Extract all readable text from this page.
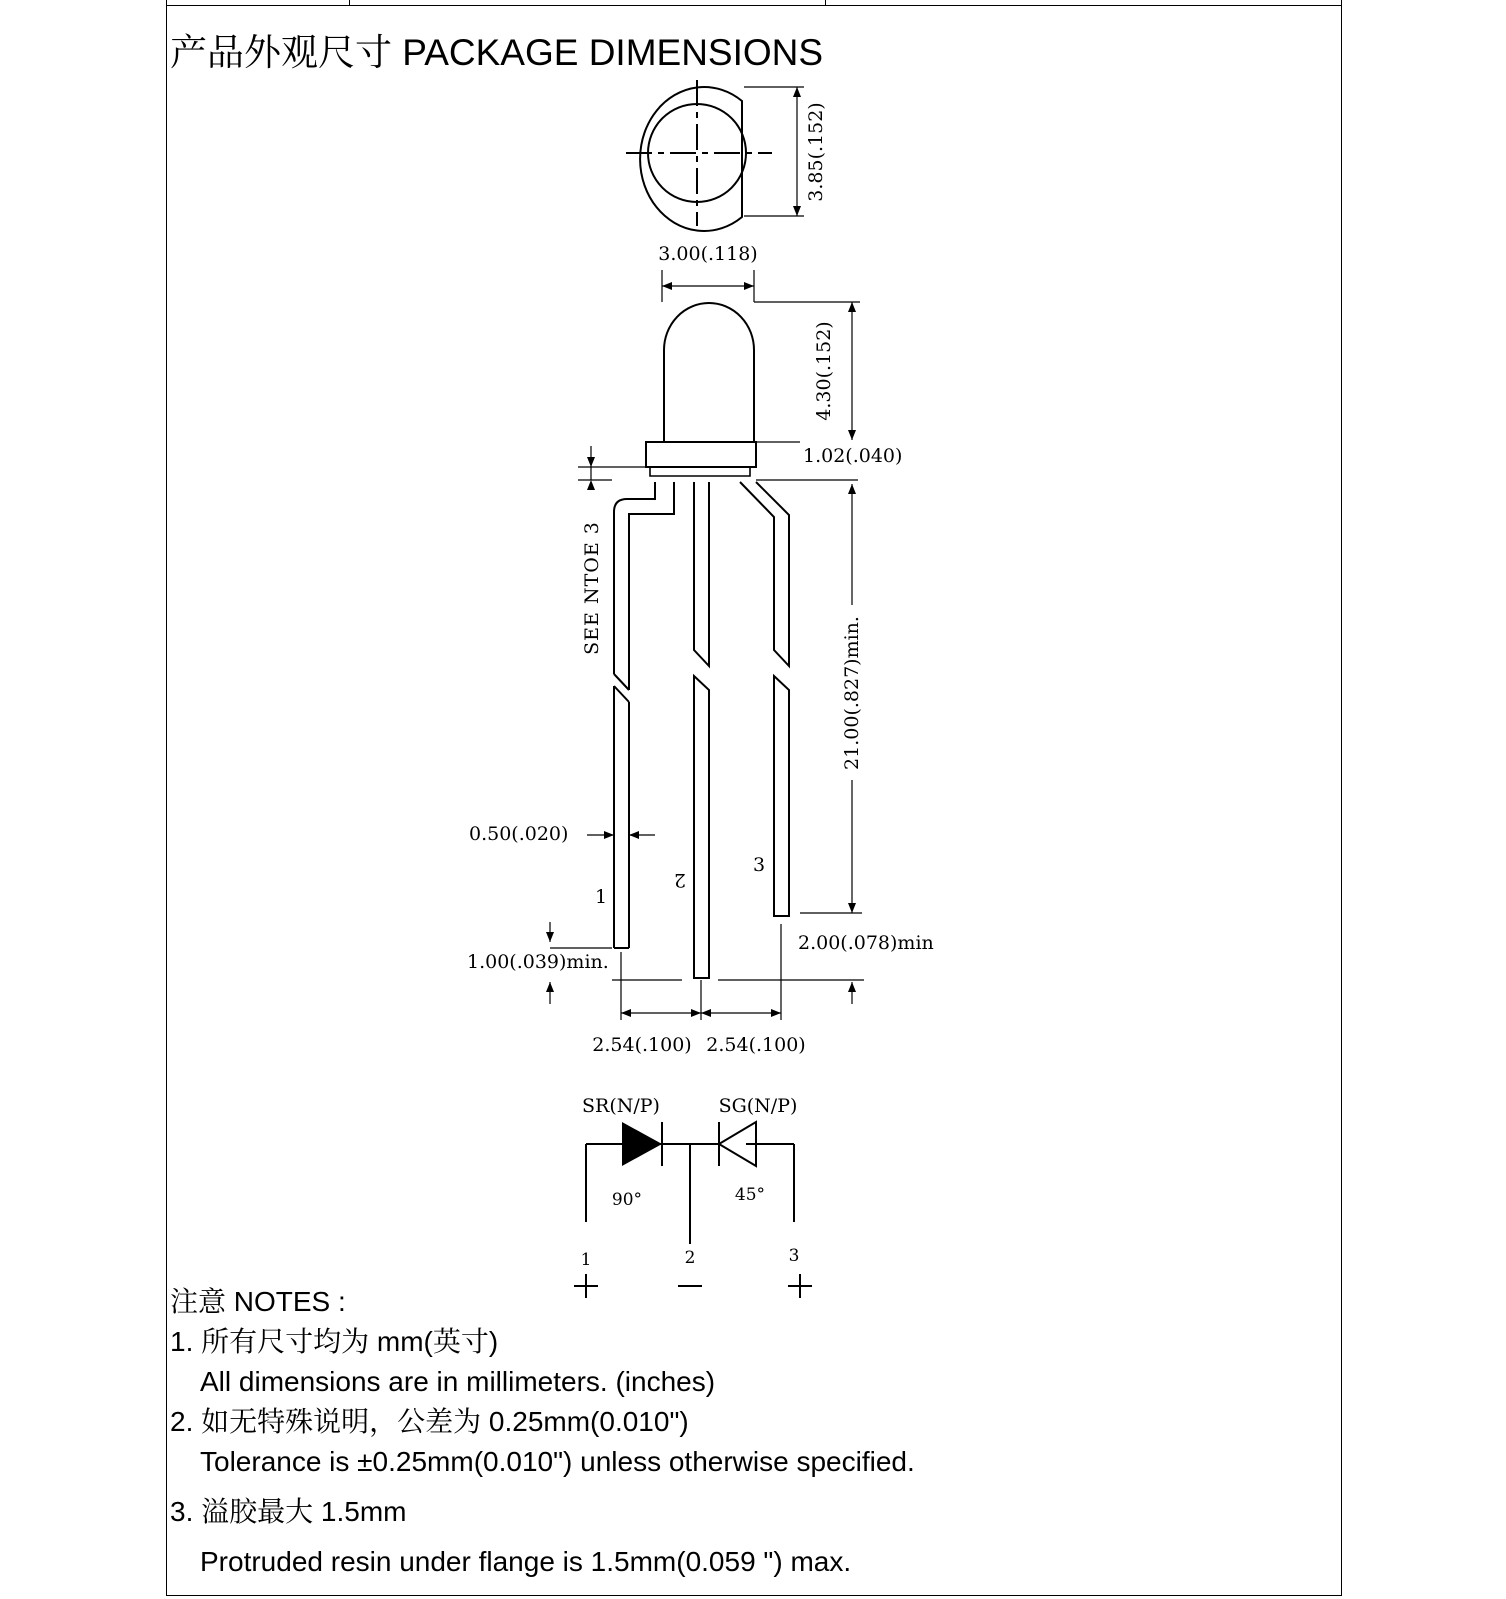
产品外观尺寸 PACKAGE DIMENSIONS
3.85(.152)
3.00(.118)
4.30(.152)
1.02(.040)
SEE NTOE 3
21.00(.827)min.
0.50(.020)
1
2
3
1.00(.039)min.
2.00(.078)min
2.54(.100) 2.54(.100)
SR(N/P)	SG(N/P)
90°	45°
1	2	3
注意 NOTES :
1. 所有尺寸均为 mm(英寸)
All dimensions are in millimeters. (inches)
2. 如无特殊说明，公差为 0.25mm(0.010")
Tolerance is ±0.25mm(0.010") unless otherwise specified.
3. 溢胶最大 1.5mm
Protruded resin under flange is 1.5mm(0.059 ") max.
